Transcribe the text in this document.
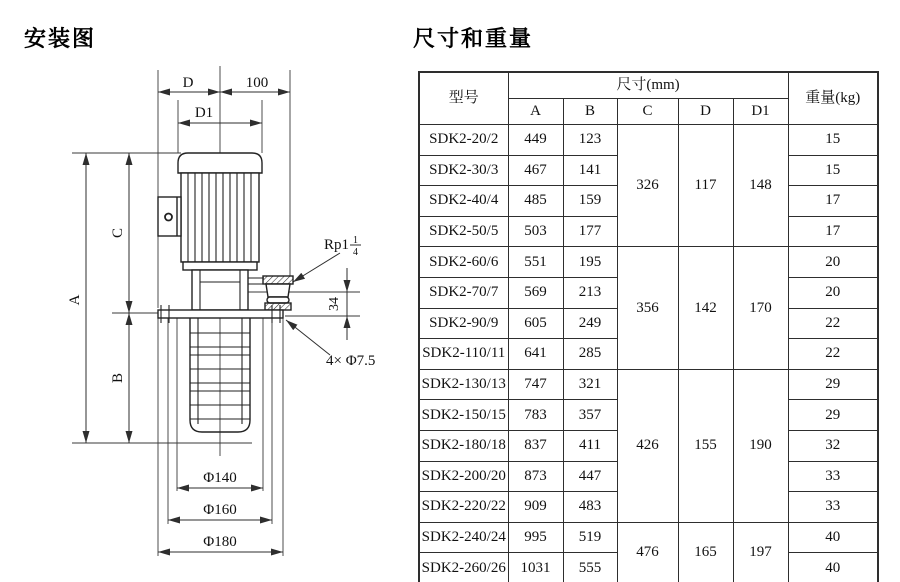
安装图	尺寸和重量
D	100
D1
A
C
B
Rp1 1
4
34
4× Φ7.5
Φ140
Φ160
Φ180
型号	尺寸(mm)					重量(kg)
	A	B	C	D	D1	
SDK2-20/2	449	123	326	117	148	15
SDK2-30/3	467	141				15
SDK2-40/4	485	159				17
SDK2-50/5	503	177				17
SDK2-60/6	551	195	356	142	170	20
SDK2-70/7	569	213				20
SDK2-90/9	605	249				22
SDK2-110/11	641	285				22
SDK2-130/13	747	321	426	155	190	29
SDK2-150/15	783	357				29
SDK2-180/18	837	411				32
SDK2-200/20	873	447				33
SDK2-220/22	909	483				33
SDK2-240/24	995	519	476	165	197	40
SDK2-260/26	1031	555				40
